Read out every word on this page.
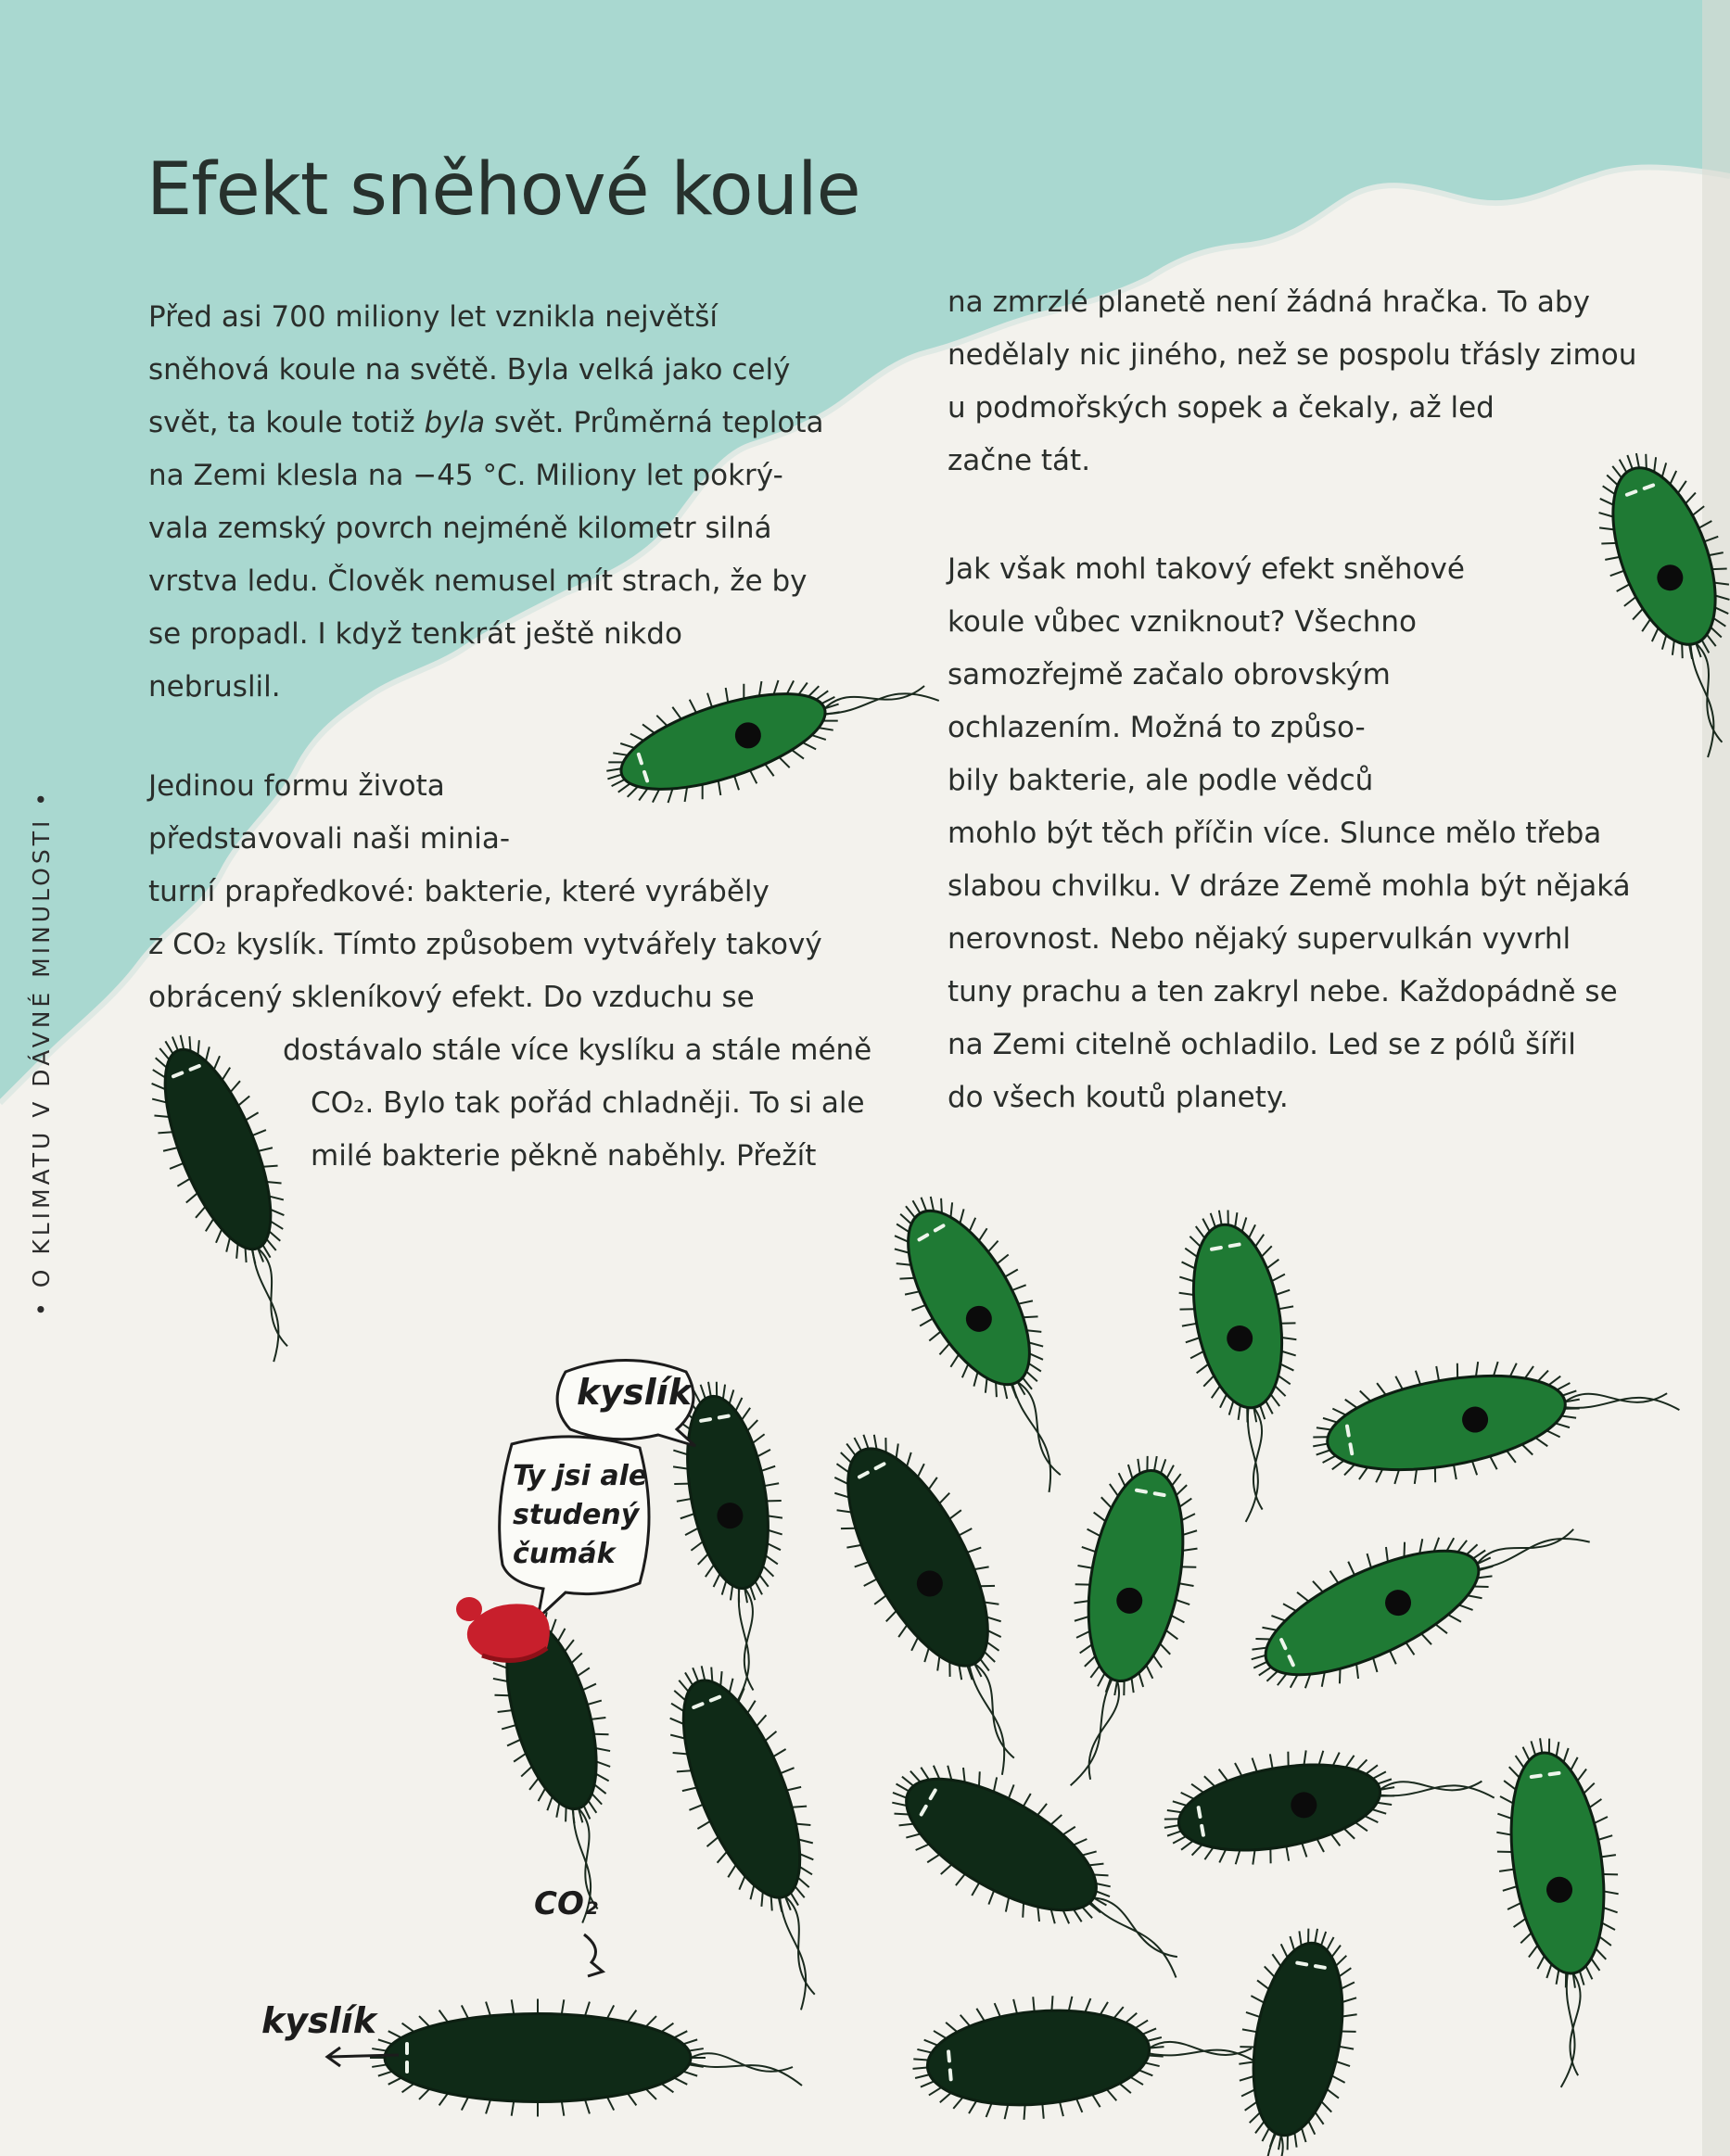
Efekt sněhové koule
• O KLIMATU V DÁVNÉ MINULOSTI •
Před asi 700 miliony let vznikla největší
sněhová koule na světě. Byla velká jako celý
svět, ta koule totiž byla svět. Průměrná teplota
na Zemi klesla na −45 °C. Miliony let pokrý-
vala zemský povrch nejméně kilometr silná
vrstva ledu. Člověk nemusel mít strach, že by
se propadl. I když tenkrát ještě nikdo
nebruslil.
Jedinou formu života
představovali naši minia-
turní prapředkové: bakterie, které vyráběly
z CO₂ kyslík. Tímto způsobem vytvářely takový
obrácený skleníkový efekt. Do vzduchu se
dostávalo stále více kyslíku a stále méně
CO₂. Bylo tak pořád chladněji. To si ale
milé bakterie pěkně naběhly. Přežít
na zmrzlé planetě není žádná hračka. To aby
nedělaly nic jiného, než se pospolu třásly zimou
u podmořských sopek a čekaly, až led
začne tát.
Jak však mohl takový efekt sněhové
koule vůbec vzniknout? Všechno
samozřejmě začalo obrovským
ochlazením. Možná to způso-
bily bakterie, ale podle vědců
mohlo být těch příčin více. Slunce mělo třeba
slabou chvilku. V dráze Země mohla být nějaká
nerovnost. Nebo nějaký supervulkán vyvrhl
tuny prachu a ten zakryl nebe. Každopádně se
na Zemi citelně ochladilo. Led se z pólů šířil
do všech koutů planety.
kyslík
Ty jsi ale
studený
čumák
CO₂
kyslík
